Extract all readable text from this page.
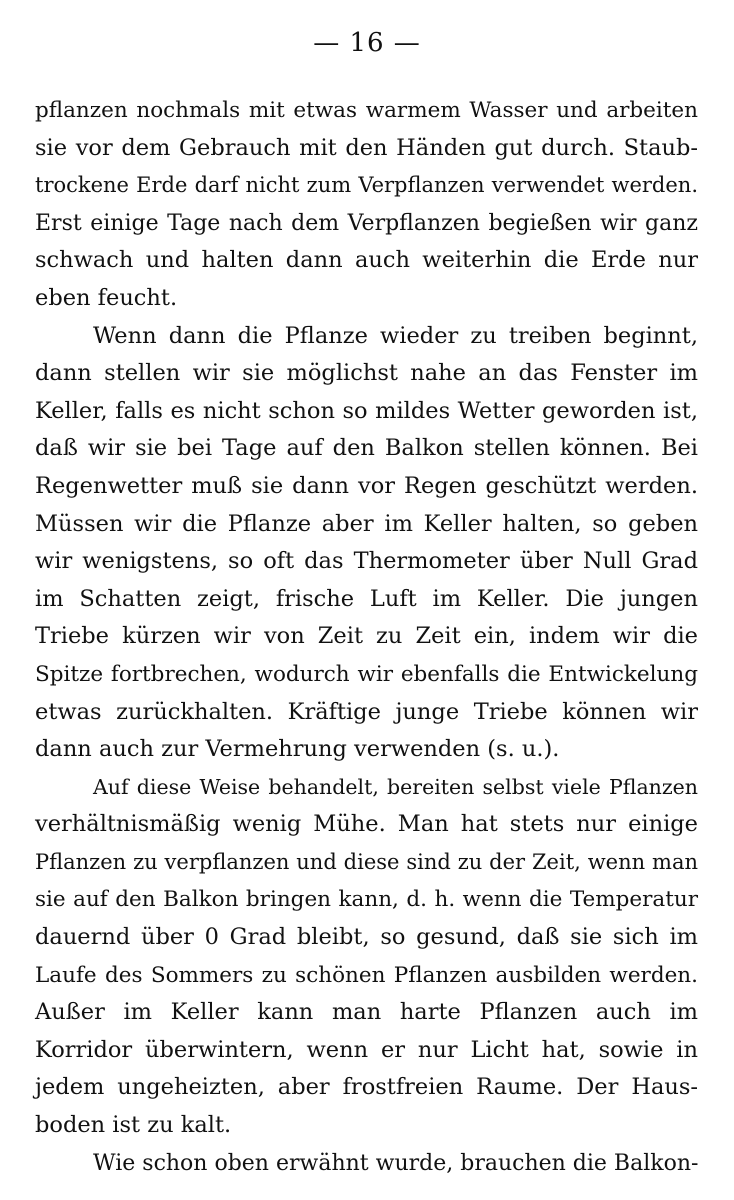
— 16 —
pflanzen nochmals mit etwas warmem Wasser und arbeiten
sie vor dem Gebrauch mit den Händen gut durch. Staub-
trockene Erde darf nicht zum Verpflanzen verwendet werden.
Erst einige Tage nach dem Verpflanzen begießen wir ganz
schwach und halten dann auch weiterhin die Erde nur
eben feucht.
Wenn dann die Pflanze wieder zu treiben beginnt,
dann stellen wir sie möglichst nahe an das Fenster im
Keller, falls es nicht schon so mildes Wetter geworden ist,
daß wir sie bei Tage auf den Balkon stellen können. Bei
Regenwetter muß sie dann vor Regen geschützt werden.
Müssen wir die Pflanze aber im Keller halten, so geben
wir wenigstens, so oft das Thermometer über Null Grad
im Schatten zeigt, frische Luft im Keller. Die jungen
Triebe kürzen wir von Zeit zu Zeit ein, indem wir die
Spitze fortbrechen, wodurch wir ebenfalls die Entwickelung
etwas zurückhalten. Kräftige junge Triebe können wir
dann auch zur Vermehrung verwenden (s. u.).
Auf diese Weise behandelt, bereiten selbst viele Pflanzen
verhältnismäßig wenig Mühe. Man hat stets nur einige
Pflanzen zu verpflanzen und diese sind zu der Zeit, wenn man
sie auf den Balkon bringen kann, d. h. wenn die Temperatur
dauernd über 0 Grad bleibt, so gesund, daß sie sich im
Laufe des Sommers zu schönen Pflanzen ausbilden werden.
Außer im Keller kann man harte Pflanzen auch im
Korridor überwintern, wenn er nur Licht hat, sowie in
jedem ungeheizten, aber frostfreien Raume. Der Haus-
boden ist zu kalt.
Wie schon oben erwähnt wurde, brauchen die Balkon-
